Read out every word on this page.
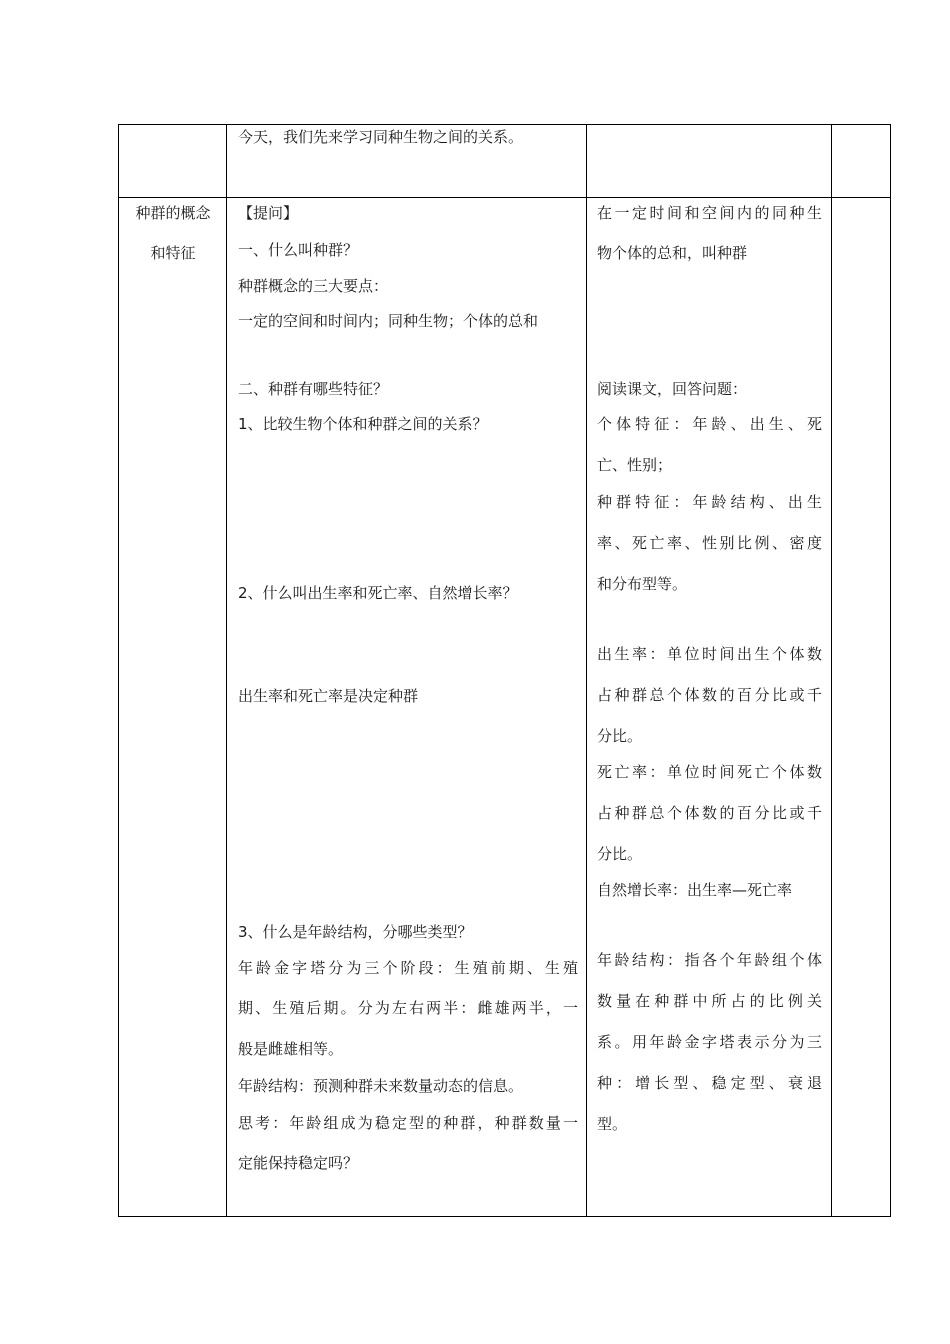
今天，我们先来学习同种生物之间的关系。
种群的概念
和特征
【提问】
一、什么叫种群？
种群概念的三大要点：
一定的空间和时间内；同种生物；个体的总和
二、种群有哪些特征？
1、比较生物个体和种群之间的关系？
2、什么叫出生率和死亡率、自然增长率？
出生率和死亡率是决定种群
3、什么是年龄结构，分哪些类型？
年龄金字塔分为三个阶段：生殖前期、生殖
期、生殖后期。分为左右两半：雌雄两半，一
般是雌雄相等。
年龄结构：预测种群未来数量动态的信息。
思考：年龄组成为稳定型的种群，种群数量一
定能保持稳定吗？
在一定时间和空间内的同种生
物个体的总和，叫种群
阅读课文，回答问题：
个体特征：年龄、出生、死
亡、性别；
种群特征：年龄结构、出生
率、死亡率、性别比例、密度
和分布型等。
出生率：单位时间出生个体数
占种群总个体数的百分比或千
分比。
死亡率：单位时间死亡个体数
占种群总个体数的百分比或千
分比。
自然增长率：出生率—死亡率
年龄结构：指各个年龄组个体
数量在种群中所占的比例关
系。用年龄金字塔表示分为三
种：增长型、稳定型、衰退
型。
